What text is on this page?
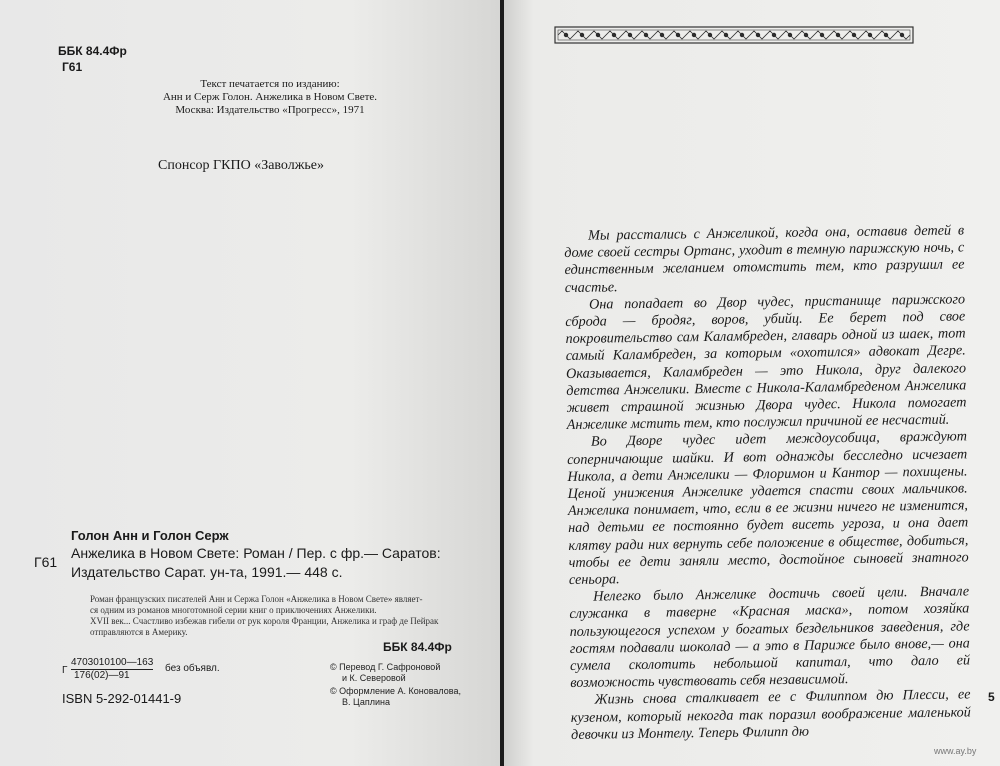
ББК 84.4Фр
Г61
Текст печатается по изданию:
Анн и Серж Голон. Анжелика в Новом Свете.
Москва: Издательство «Прогресс», 1971
Спонсор ГКПО «Заволжье»
Голон Анн и Голон Серж
Г61
Анжелика в Новом Свете: Роман / Пер. с фр.— Саратов:
Издательство Сарат. ун-та, 1991.— 448 с.
Роман французских писателей Анн и Сержа Голон «Анжелика в Новом Свете» являет-
ся одним из романов многотомной серии книг о приключениях Анжелики.
XVII век... Счастливо избежав гибели от рук короля Франции, Анжелика и граф де Пейрак
отправляются в Америку.
ББК 84.4Фр
Г
4703010100—163
176(02)—91
без объявл.	© Перевод Г. Сафроновой
и К. Северовой
© Оформление А. Коновалова,
В. Цаплина
ISBN 5-292-01441-9

Мы расстались с Анжеликой, когда она, оставив детей в доме своей сестры Ортанс, уходит в темную парижскую ночь, с единственным желанием отомстить тем, кто разрушил ее счастье.

Она попадает во Двор чудес, пристанище парижского сброда — бродяг, воров, убийц. Ее берет под свое покровительство сам Каламбреден, главарь одной из шаек, тот самый Каламбреден, за которым «охотился» адвокат Дегре. Оказывается, Каламбреден — это Никола, друг далекого детства Анжелики. Вместе с Никола-Каламбреденом Анжелика живет страшной жизнью Двора чудес. Никола помогает Анжелике мстить тем, кто послужил причиной ее несчастий.

Во Дворе чудес идет междоусобица, враждуют соперничающие шайки. И вот однажды бесследно исчезает Никола, а дети Анжелики — Флоримон и Кантор — похищены. Ценой унижения Анжелике удается спасти своих мальчиков. Анжелика понимает, что, если в ее жизни ничего не изменится, над детьми ее постоянно будет висеть угроза, и она дает клятву ради них вернуть себе положение в обществе, добиться, чтобы ее дети заняли место, достойное сыновей знатного сеньора.

Нелегко было Анжелике достичь своей цели. Вначале служанка в таверне «Красная маска», потом хозяйка пользующегося успехом у богатых бездельников заведения, где гостям подавали шоколад — а это в Париже было внове,— она сумела сколотить небольшой капитал, что дало ей возможность чувствовать себя независимой.

Жизнь снова сталкивает ее с Филиппом дю Плесси, ее кузеном, который некогда так поразил воображение маленькой девочки из Монтелу. Теперь Филипп дю

5
www.ay.by
